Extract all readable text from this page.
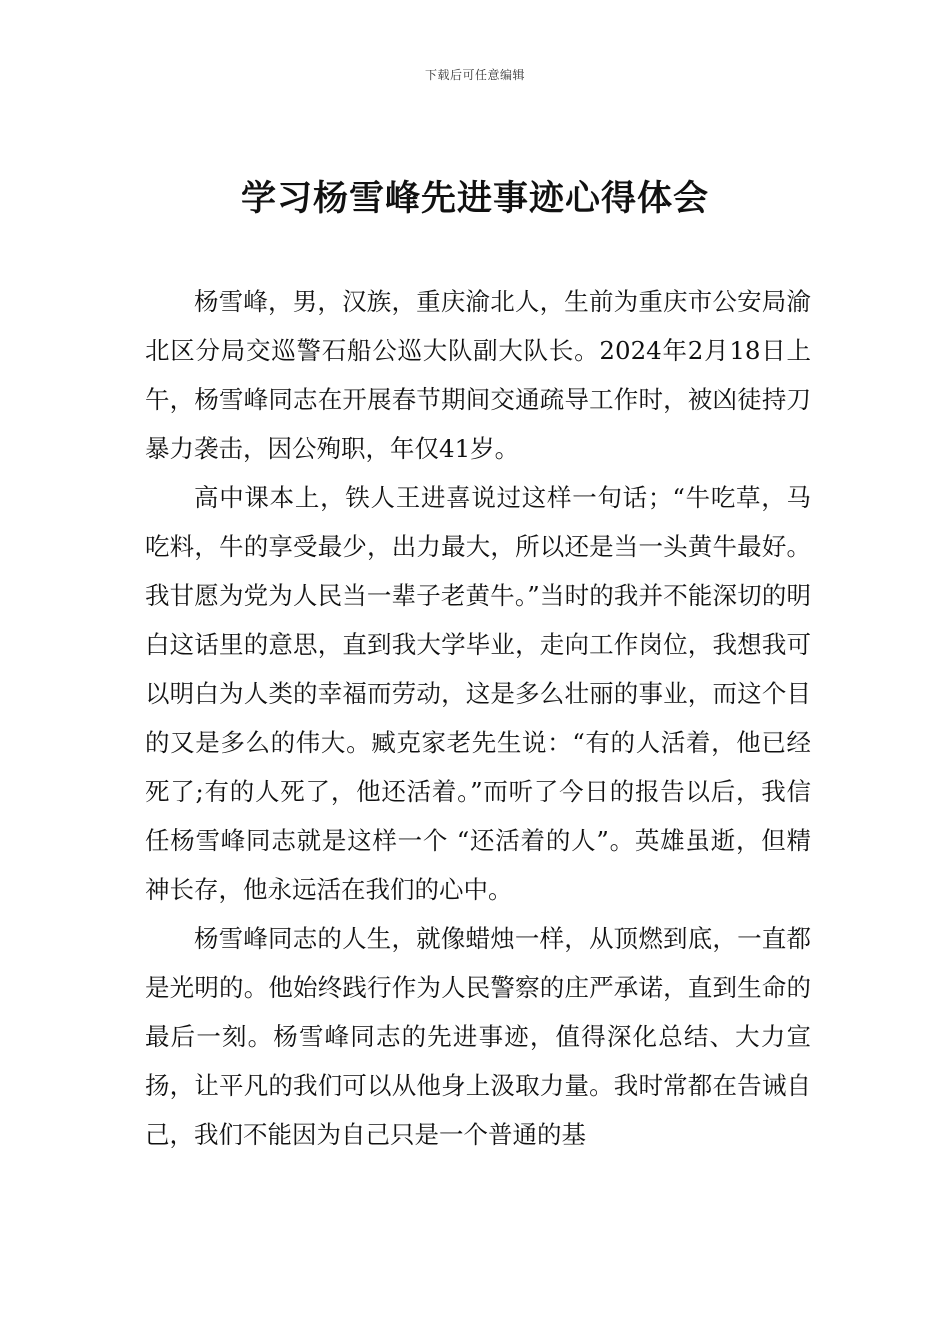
下载后可任意编辑
学习杨雪峰先进事迹心得体会

杨雪峰，男，汉族，重庆渝北人，生前为重庆市公安局渝北区分局交巡警石船公巡大队副大队长。2024年2月18日上午，杨雪峰同志在开展春节期间交通疏导工作时，被凶徒持刀暴力袭击，因公殉职，年仅41岁。

高中课本上，铁人王进喜说过这样一句话；“牛吃草，马吃料，牛的享受最少，出力最大，所以还是当一头黄牛最好。我甘愿为党为人民当一辈子老黄牛。”当时的我并不能深切的明白这话里的意思，直到我大学毕业，走向工作岗位，我想我可以明白为人类的幸福而劳动，这是多么壮丽的事业，而这个目的又是多么的伟大。臧克家老先生说：“有的人活着，他已经死了;有的人死了，他还活着。”而听了今日的报告以后，我信任杨雪峰同志就是这样一个 “还活着的人”。英雄虽逝，但精神长存，他永远活在我们的心中。

杨雪峰同志的人生，就像蜡烛一样，从顶燃到底，一直都是光明的。他始终践行作为人民警察的庄严承诺，直到生命的最后一刻。杨雪峰同志的先进事迹，值得深化总结、大力宣扬，让平凡的我们可以从他身上汲取力量。我时常都在告诫自己，我们不能因为自己只是一个普通的基
